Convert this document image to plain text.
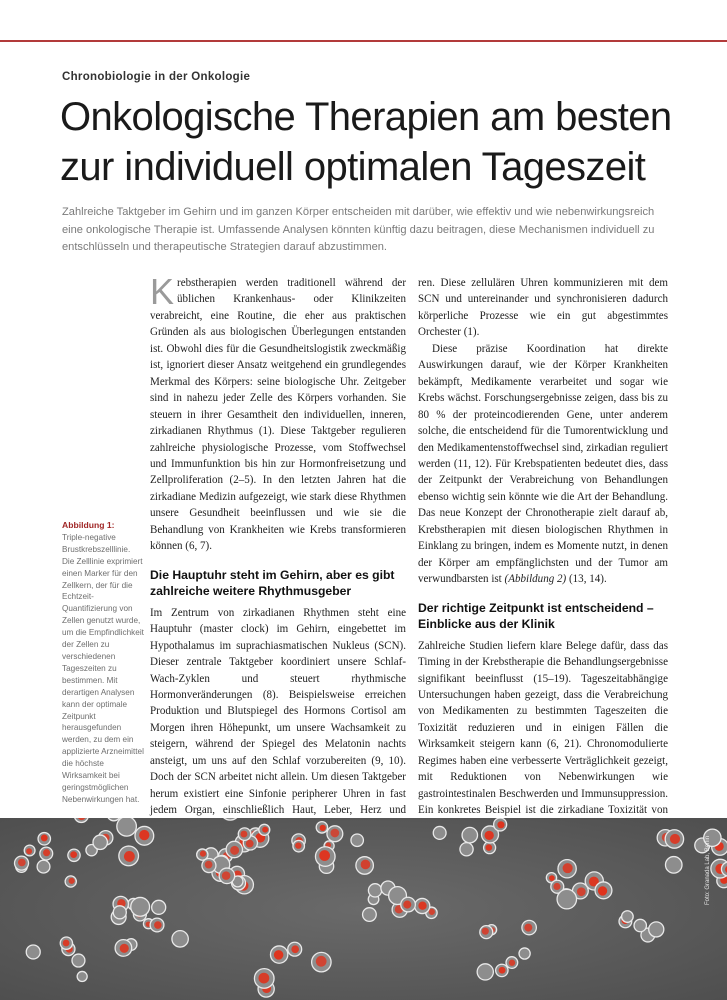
Chronobiologie in der Onkologie
Onkologische Therapien am besten
zur individuell optimalen Tageszeit
Zahlreiche Taktgeber im Gehirn und im ganzen Körper entscheiden mit darüber, wie effektiv und wie nebenwirkungsreich eine onkologische Therapie ist. Umfassende Analysen könnten künftig dazu beitragen, diese Mechanismen individuell zu entschlüsseln und therapeutische Strategien darauf abzustimmen.

Krebstherapien werden traditionell während der üblichen Krankenhaus- oder Klinikzeiten verabreicht, eine Routine, die eher aus praktischen Gründen als aus biologischen Überlegungen entstanden ist. Obwohl dies für die Gesundheitslogistik zweckmäßig ist, ignoriert dieser Ansatz weitgehend ein grundlegendes Merkmal des Körpers: seine biologische Uhr. Zeitgeber sind in nahezu jeder Zelle des Körpers vorhanden. Sie steuern in ihrer Gesamtheit den individuellen, inneren, zirkadianen Rhythmus (1). Diese Taktgeber regulieren zahlreiche physiologische Prozesse, vom Stoffwechsel und Immunfunktion bis hin zur Hormonfreisetzung und Zellproliferation (2–5). In den letzten Jahren hat die zirkadiane Medizin aufgezeigt, wie stark diese Rhythmen unsere Gesundheit beeinflussen und wie sie die Behandlung von Krankheiten wie Krebs transformieren können (6, 7).

Die Hauptuhr steht im Gehirn, aber es gibt zahlreiche weitere Rhythmusgeber

Im Zentrum von zirkadianen Rhythmen steht eine Hauptuhr (master clock) im Gehirn, eingebettet im Hypothalamus im suprachiasmatischen Nukleus (SCN). Dieser zentrale Taktgeber koordiniert unsere Schlaf-Wach-Zyklen und steuert rhythmische Hormonveränderungen (8). Beispielsweise erreichen Produktion und Blutspiegel des Hormons Cortisol am Morgen ihren Höhepunkt, um unsere Wachsamkeit zu steigern, während der Spiegel des Melatonin nachts ansteigt, um uns auf den Schlaf vorzubereiten (9, 10). Doch der SCN arbeitet nicht allein. Um diesen Taktgeber herum existiert eine Sinfonie peripherer Uhren in fast jedem Organ, einschließlich Haut, Leber, Herz und

ren. Diese zellulären Uhren kommunizieren mit dem SCN und untereinander und synchronisieren dadurch körperliche Prozesse wie ein gut abgestimmtes Orchester (1).

Diese präzise Koordination hat direkte Auswirkungen darauf, wie der Körper Krankheiten bekämpft, Medikamente verarbeitet und sogar wie Krebs wächst. Forschungsergebnisse zeigen, dass bis zu 80 % der proteincodierenden Gene, unter anderem solche, die entscheidend für die Tumorentwicklung und den Medikamentenstoffwechsel sind, zirkadian reguliert werden (11, 12). Für Krebspatienten bedeutet dies, dass der Zeitpunkt der Verabreichung von Behandlungen ebenso wichtig sein könnte wie die Art der Behandlung. Das neue Konzept der Chronotherapie zielt darauf ab, Krebstherapien mit diesen biologischen Rhythmen in Einklang zu bringen, indem es Momente nutzt, in denen der Körper am empfänglichsten und der Tumor am verwundbarsten ist (Abbildung 2) (13, 14).

Der richtige Zeitpunkt ist entscheidend – Einblicke aus der Klinik

Zahlreiche Studien liefern klare Belege dafür, dass das Timing in der Krebstherapie die Behandlungsergebnisse signifikant beeinflusst (15–19). Tageszeitabhängige Untersuchungen haben gezeigt, dass die Verabreichung von Medikamenten zu bestimmten Tageszeiten die Toxizität reduzieren und in einigen Fällen die Wirksamkeit steigern kann (6, 21). Chronomodulierte Regimes haben eine verbesserte Verträglichkeit gezeigt, mit Reduktionen von Nebenwirkungen wie gastrointestinalen Beschwerden und Immunsuppression. Ein konkretes Beispiel ist die zirkadiane Toxizität von

Abbildung 1:
Triple-negative Brustkrebszelllinie. Die Zelllinie exprimiert einen Marker für den Zellkern, der für die Echtzeit-Quantifizierung von Zellen genutzt wurde, um die Empfindlichkeit der Zellen zu verschiedenen Tageszeiten zu bestimmen. Mit derartigen Analysen kann der optimale Zeitpunkt herausgefunden werden, zu dem ein applizierte Arzneimittel die höchste Wirksamkeit bei geringstmöglichen Nebenwirkungen hat.
Foto: Granada Lab, Berlin
